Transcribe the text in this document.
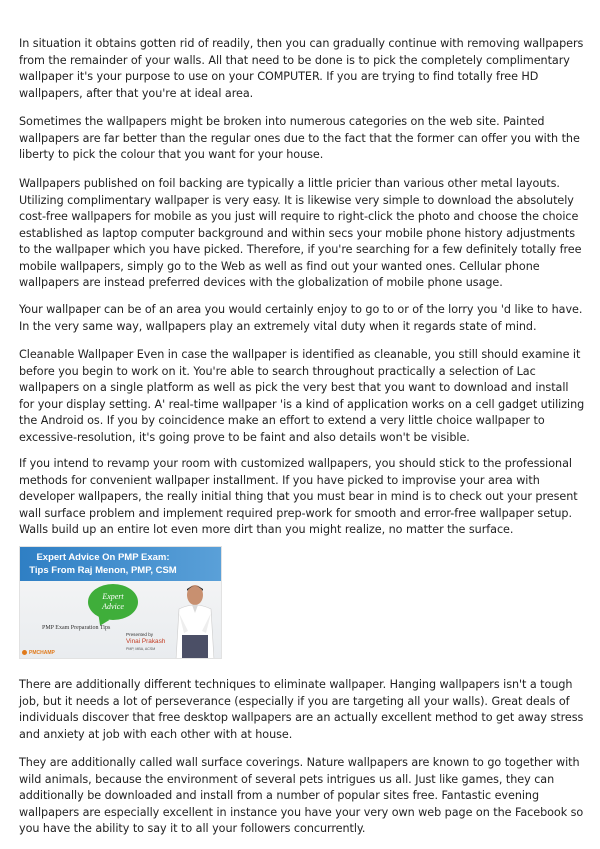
In situation it obtains gotten rid of readily, then you can gradually continue with removing wallpapers from the remainder of your walls. All that need to be done is to pick the completely complimentary wallpaper it's your purpose to use on your COMPUTER. If you are trying to find totally free HD wallpapers, after that you're at ideal area.

Sometimes the wallpapers might be broken into numerous categories on the web site. Painted wallpapers are far better than the regular ones due to the fact that the former can offer you with the liberty to pick the colour that you want for your house.

Wallpapers published on foil backing are typically a little pricier than various other metal layouts. Utilizing complimentary wallpaper is very easy. It is likewise very simple to download the absolutely cost-free wallpapers for mobile as you just will require to right-click the photo and choose the choice established as laptop computer background and within secs your mobile phone history adjustments to the wallpaper which you have picked. Therefore, if you're searching for a few definitely totally free mobile wallpapers, simply go to the Web as well as find out your wanted ones. Cellular phone wallpapers are instead preferred devices with the globalization of mobile phone usage.

Your wallpaper can be of an area you would certainly enjoy to go to or of the lorry you 'd like to have. In the very same way, wallpapers play an extremely vital duty when it regards state of mind.

Cleanable Wallpaper Even in case the wallpaper is identified as cleanable, you still should examine it before you begin to work on it. You're able to search throughout practically a selection of Lac wallpapers on a single platform as well as pick the very best that you want to download and install for your display setting. A' real-time wallpaper 'is a kind of application works on a cell gadget utilizing the Android os. If you by coincidence make an effort to extend a very little choice wallpaper to excessive-resolution, it's going prove to be faint and also details won't be visible.

If you intend to revamp your room with customized wallpapers, you should stick to the professional methods for convenient wallpaper installment. If you have picked to improvise your area with developer wallpapers, the really initial thing that you must bear in mind is to check out your present wall surface problem and implement required prep-work for smooth and error-free wallpaper setup. Walls build up an entire lot even more dirt than you might realize, no matter the surface.

Expert Advice On PMP Exam:
Tips From Raj Menon, PMP, CSM
Expert
Advice
PMP Exam Preparation Tips
Presented by
Vinai Prakash
PMP, MBA, ACSM
PMCHAMP

There are additionally different techniques to eliminate wallpaper. Hanging wallpapers isn't a tough job, but it needs a lot of perseverance (especially if you are targeting all your walls). Great deals of individuals discover that free desktop wallpapers are an actually excellent method to get away stress and anxiety at job with each other with at house.

They are additionally called wall surface coverings. Nature wallpapers are known to go together with wild animals, because the environment of several pets intrigues us all. Just like games, they can additionally be downloaded and install from a number of popular sites free. Fantastic evening wallpapers are especially excellent in instance you have your very own web page on the Facebook so you have the ability to say it to all your followers concurrently.
